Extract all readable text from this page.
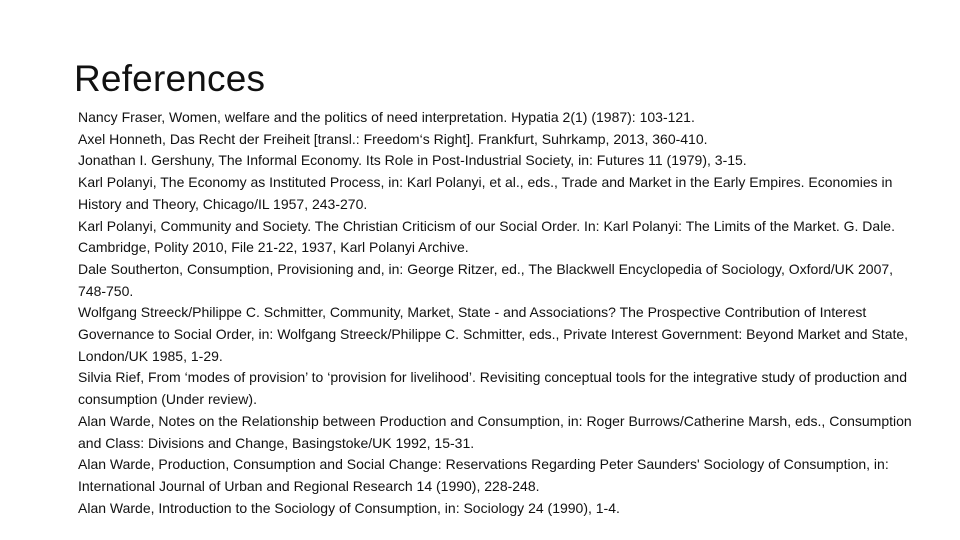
References
Nancy Fraser, Women, welfare and the politics of need interpretation. Hypatia 2(1) (1987): 103-121.
Axel Honneth, Das Recht der Freiheit [transl.: Freedom‘s Right]. Frankfurt, Suhrkamp, 2013, 360-410.
Jonathan I. Gershuny, The Informal Economy. Its Role in Post-Industrial Society, in: Futures 11 (1979), 3-15.
Karl Polanyi, The Economy as Instituted Process, in: Karl Polanyi, et al., eds., Trade and Market in the Early Empires. Economies in History and Theory, Chicago/IL 1957, 243-270.
Karl Polanyi, Community and Society. The Christian Criticism of our Social Order. In: Karl Polanyi: The Limits of the Market. G. Dale. Cambridge, Polity 2010, File 21-22, 1937, Karl Polanyi Archive.
Dale Southerton, Consumption, Provisioning and, in: George Ritzer, ed., The Blackwell Encyclopedia of Sociology, Oxford/UK 2007, 748-750.
Wolfgang Streeck/Philippe C. Schmitter, Community, Market, State - and Associations? The Prospective Contribution of Interest Governance to Social Order, in: Wolfgang Streeck/Philippe C. Schmitter, eds., Private Interest Government: Beyond Market and State, London/UK 1985, 1-29.
Silvia Rief, From ‘modes of provision’ to ‘provision for livelihood’. Revisiting conceptual tools for the integrative study of production and consumption (Under review).
Alan Warde, Notes on the Relationship between Production and Consumption, in: Roger Burrows/Catherine Marsh, eds., Consumption and Class: Divisions and Change, Basingstoke/UK 1992, 15-31.
Alan Warde, Production, Consumption and Social Change: Reservations Regarding Peter Saunders' Sociology of Consumption, in: International Journal of Urban and Regional Research 14 (1990), 228-248.
Alan Warde, Introduction to the Sociology of Consumption, in: Sociology 24 (1990), 1-4.
